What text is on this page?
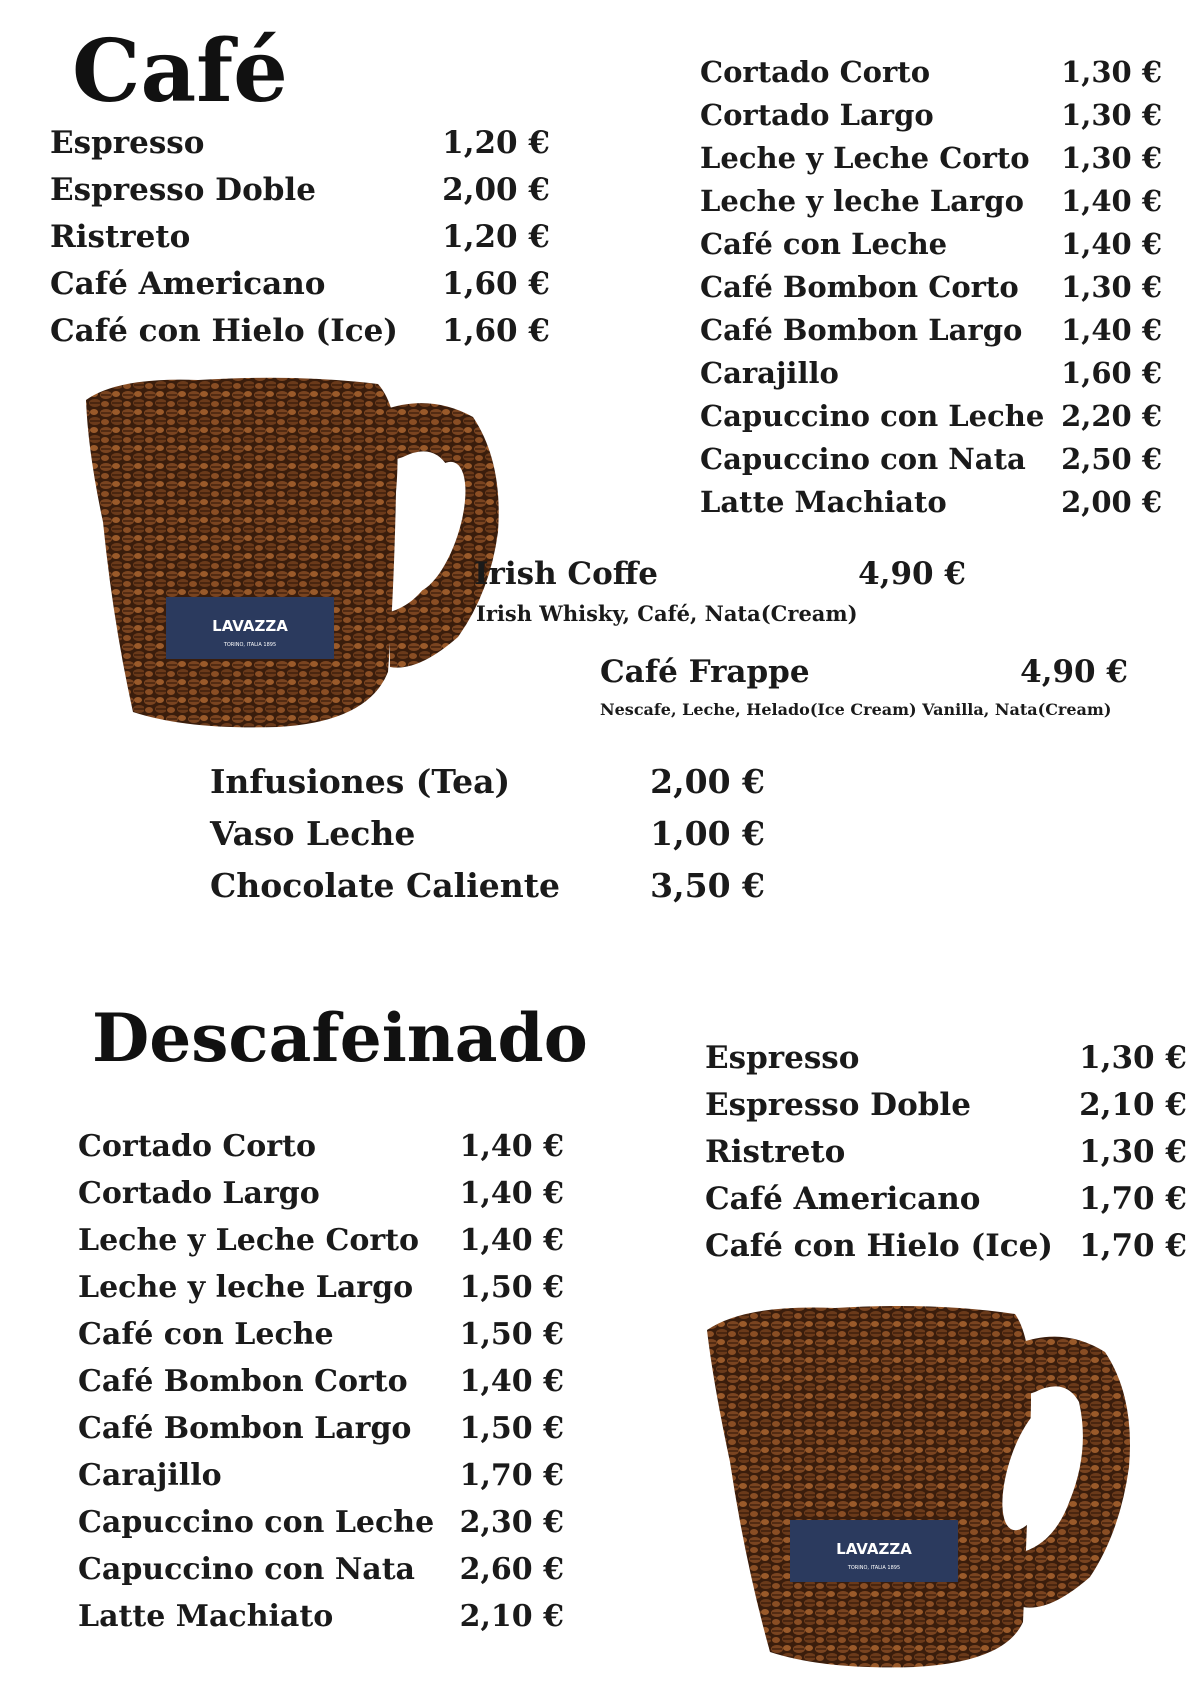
Café
Espresso	1,20 €
Espresso Doble	2,00 €
Ristreto	1,20 €
Café Americano	1,60 €
Café con Hielo (Ice) 1,60 €
Cortado Corto	1,30 €
Cortado Largo	1,30 €
Leche y Leche Corto 1,30 €
Leche y leche Largo 1,40 €
Café con Leche	1,40 €
Café Bombon Corto 1,30 €
Café Bombon Largo 1,40 €
Carajillo	1,60 €
Capuccino con Leche 2,20 €
Capuccino con Nata 2,50 €
Latte Machiato	2,00 €
LAVAZZA
TORINO, ITALIA 1895
Irish Coffe	4,90 €
Irish Whisky, Café, Nata(Cream)
Café Frappe	4,90 €
Nescafe, Leche, Helado(Ice Cream) Vanilla, Nata(Cream)
Infusiones (Tea)	2,00 €
Vaso Leche	1,00 €
Chocolate Caliente	3,50 €
Descafeinado	Espresso	1,30 €
Espresso Doble	2,10 €
Ristreto	1,30 €
Café Americano	1,70 €
Café con Hielo (Ice) 1,70 €
Cortado Corto	1,40 €
Cortado Largo	1,40 €
Leche y Leche Corto 1,40 €
Leche y leche Largo 1,50 €
Café con Leche	1,50 €
Café Bombon Corto 1,40 €
Café Bombon Largo 1,50 €
Carajillo	1,70 €
Capuccino con Leche 2,30 €
Capuccino con Nata 2,60 €
Latte Machiato	2,10 €
LAVAZZA
TORINO, ITALIA 1895
